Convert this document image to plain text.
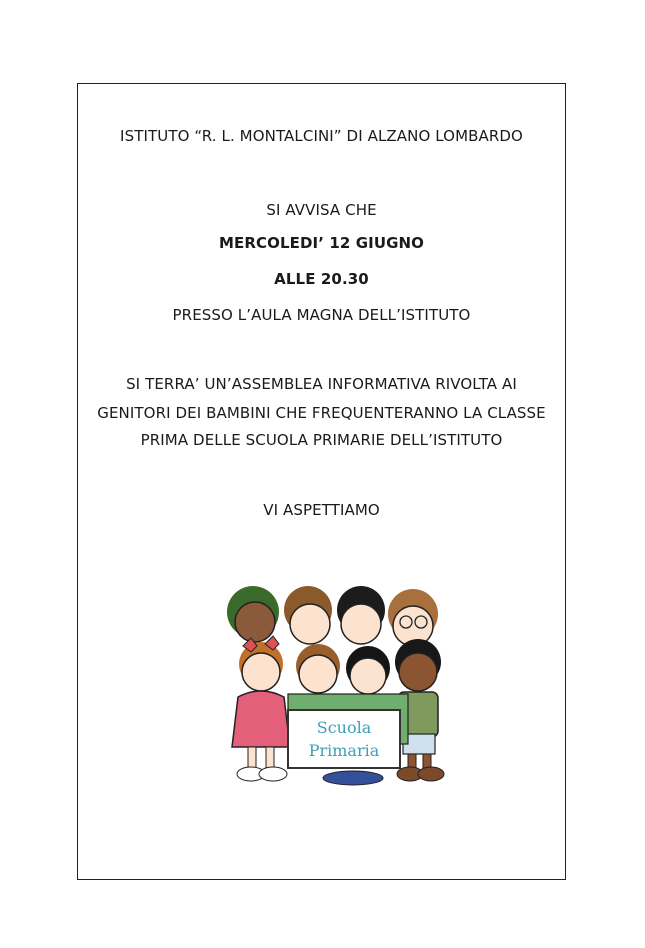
ISTITUTO “R. L. MONTALCINI” DI ALZANO LOMBARDO
SI AVVISA CHE
MERCOLEDI’ 12 GIUGNO
ALLE 20.30
PRESSO L’AULA MAGNA DELL’ISTITUTO
SI TERRA’ UN’ASSEMBLEA INFORMATIVA RIVOLTA AI
GENITORI DEI BAMBINI CHE FREQUENTERANNO LA CLASSE
PRIMA DELLE SCUOLA PRIMARIE DELL’ISTITUTO
VI ASPETTIAMO
Scuola
Primaria
